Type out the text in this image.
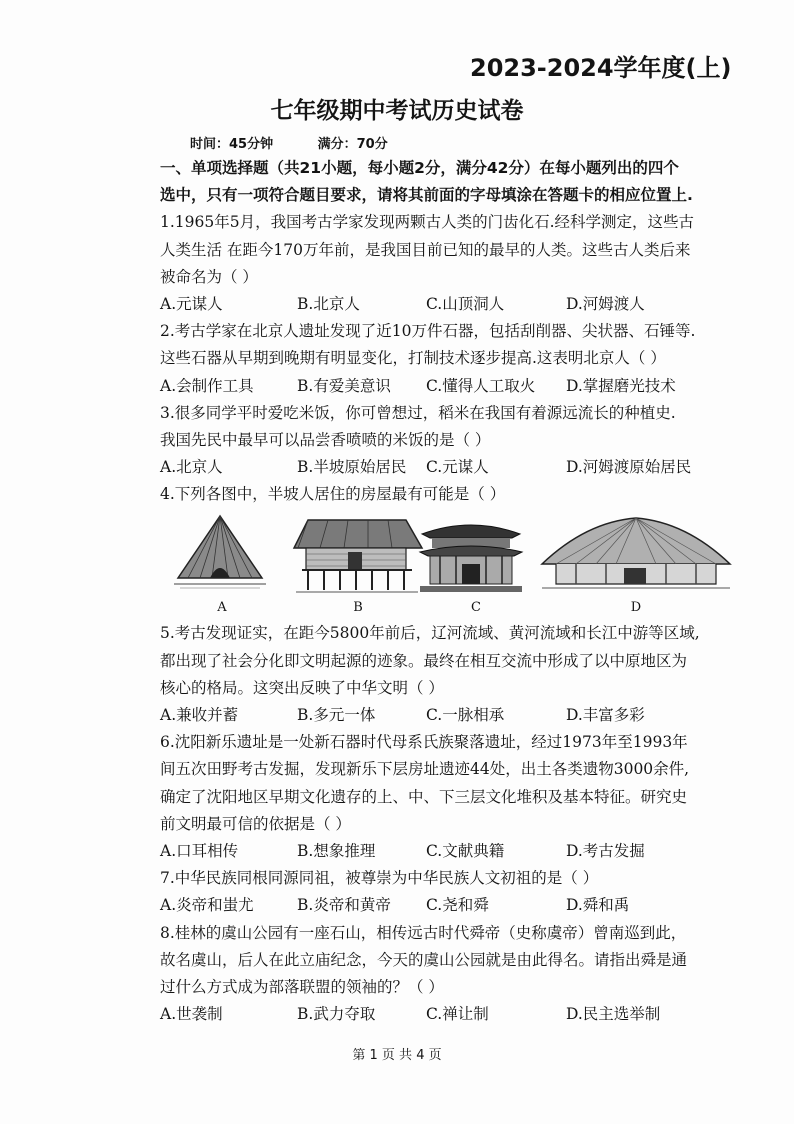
2023-2024学年度(上)
七年级期中考试历史试卷
时间：45分钟	满分：70分
一、单项选择题（共21小题，每小题2分，满分42分）在每小题列出的四个
选中，只有一项符合题目要求，请将其前面的字母填涂在答题卡的相应位置上.
1.1965年5月，我国考古学家发现两颗古人类的门齿化石.经科学测定，这些古
人类生活 在距今170万年前，是我国目前已知的最早的人类。这些古人类后来
被命名为（ ）
A.元谋人	B.北京人	C.山顶洞人	D.河姆渡人
2.考古学家在北京人遗址发现了近10万件石器，包括刮削器、尖状器、石锤等.
这些石器从早期到晚期有明显变化，打制技术逐步提高.这表明北京人（ ）
A.会制作工具	B.有爱美意识	C.懂得人工取火	D.掌握磨光技术
3.很多同学平时爱吃米饭，你可曾想过，稻米在我国有着源远流长的种植史.
我国先民中最早可以品尝香喷喷的米饭的是（ ）
A.北京人	B.半坡原始居民	C.元谋人	D.河姆渡原始居民
4.下列各图中，半坡人居住的房屋最有可能是（ ）
A	B	C	D
5.考古发现证实，在距今5800年前后，辽河流域、黄河流域和长江中游等区域,
都出现了社会分化即文明起源的迹象。最终在相互交流中形成了以中原地区为
核心的格局。这突出反映了中华文明（ ）
A.兼收并蓄	B.多元一体	C.一脉相承	D.丰富多彩
6.沈阳新乐遗址是一处新石器时代母系氏族聚落遗址，经过1973年至1993年
间五次田野考古发掘，发现新乐下层房址遗迹44处，出土各类遗物3000余件,
确定了沈阳地区早期文化遗存的上、中、下三层文化堆积及基本特征。研究史
前文明最可信的依据是（ ）
A.口耳相传	B.想象推理	C.文献典籍	D.考古发掘
7.中华民族同根同源同祖，被尊崇为中华民族人文初祖的是（ ）
A.炎帝和蚩尤	B.炎帝和黄帝	C.尧和舜	D.舜和禹
8.桂林的虞山公园有一座石山，相传远古时代舜帝（史称虞帝）曾南巡到此，
故名虞山，后人在此立庙纪念，今天的虞山公园就是由此得名。请指出舜是通
过什么方式成为部落联盟的领袖的？（ ）
A.世袭制	B.武力夺取	C.禅让制	D.民主选举制
第 1 页 共 4 页
